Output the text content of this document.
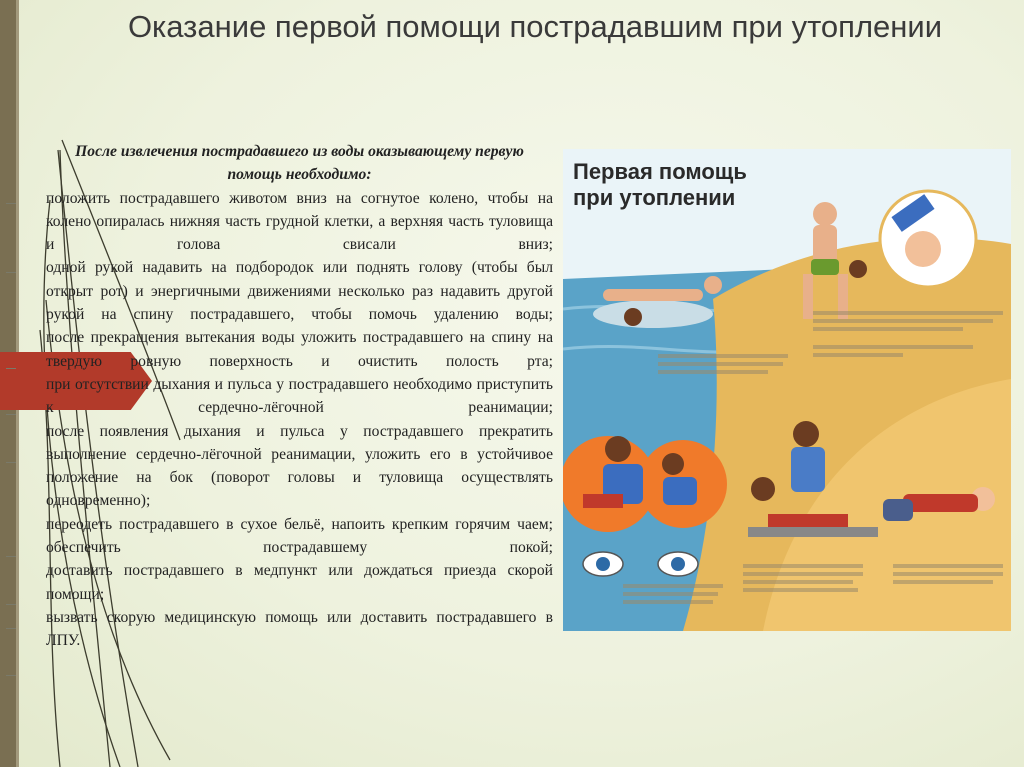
Оказание первой помощи пострадавшим при утоплении
После извлечения пострадавшего из воды оказывающему первую помощь необходимо:
положить пострадавшего животом вниз на согнутое колено, чтобы на колено опиралась нижняя часть грудной клетки, а верхняя часть туловища и голова свисали вниз;
одной рукой надавить на подбородок или поднять голову (чтобы был открыт рот) и энергичными движениями несколько раз надавить другой рукой на спину пострадавшего, чтобы помочь удалению воды;
после прекращения вытекания воды уложить пострадавшего на спину на твердую ровную поверхность и очистить полость рта;
при отсутствии дыхания и пульса у пострадавшего необходимо приступить к сердечно-лёгочной реанимации;
после появления дыхания и пульса у пострадавшего прекратить выполнение сердечно-лёгочной реанимации, уложить его в устойчивое положение на бок (поворот головы и туловища осуществлять одновременно);
переодеть пострадавшего в сухое бельё, напоить крепким горячим чаем;
обеспечить пострадавшему покой;
доставить пострадавшего в медпункт или дождаться приезда скорой помощи;
вызвать скорую медицинскую помощь или доставить пострадавшего в ЛПУ.
Первая помощь
при утоплении
